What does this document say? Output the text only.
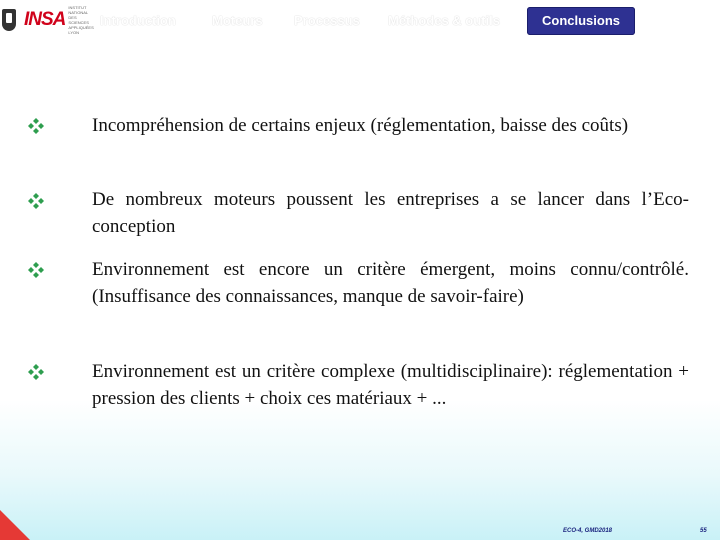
INSA
INSTITUT NATIONAL DES SCIENCES APPLIQUÉES LYON
Introduction	Moteurs Processus Méthodes & outils	Conclusions
Incompréhension de certains enjeux (réglementation, baisse des coûts)
De nombreux moteurs poussent les entreprises a se lancer dans l’Eco-conception
Environnement est encore un critère émergent, moins connu/contrôlé. (Insuffisance des connaissances, manque de savoir-faire)
Environnement est un critère complexe (multidisciplinaire): réglementation + pression des clients + choix ces matériaux + ...
ECO-4, GMD2018	55
